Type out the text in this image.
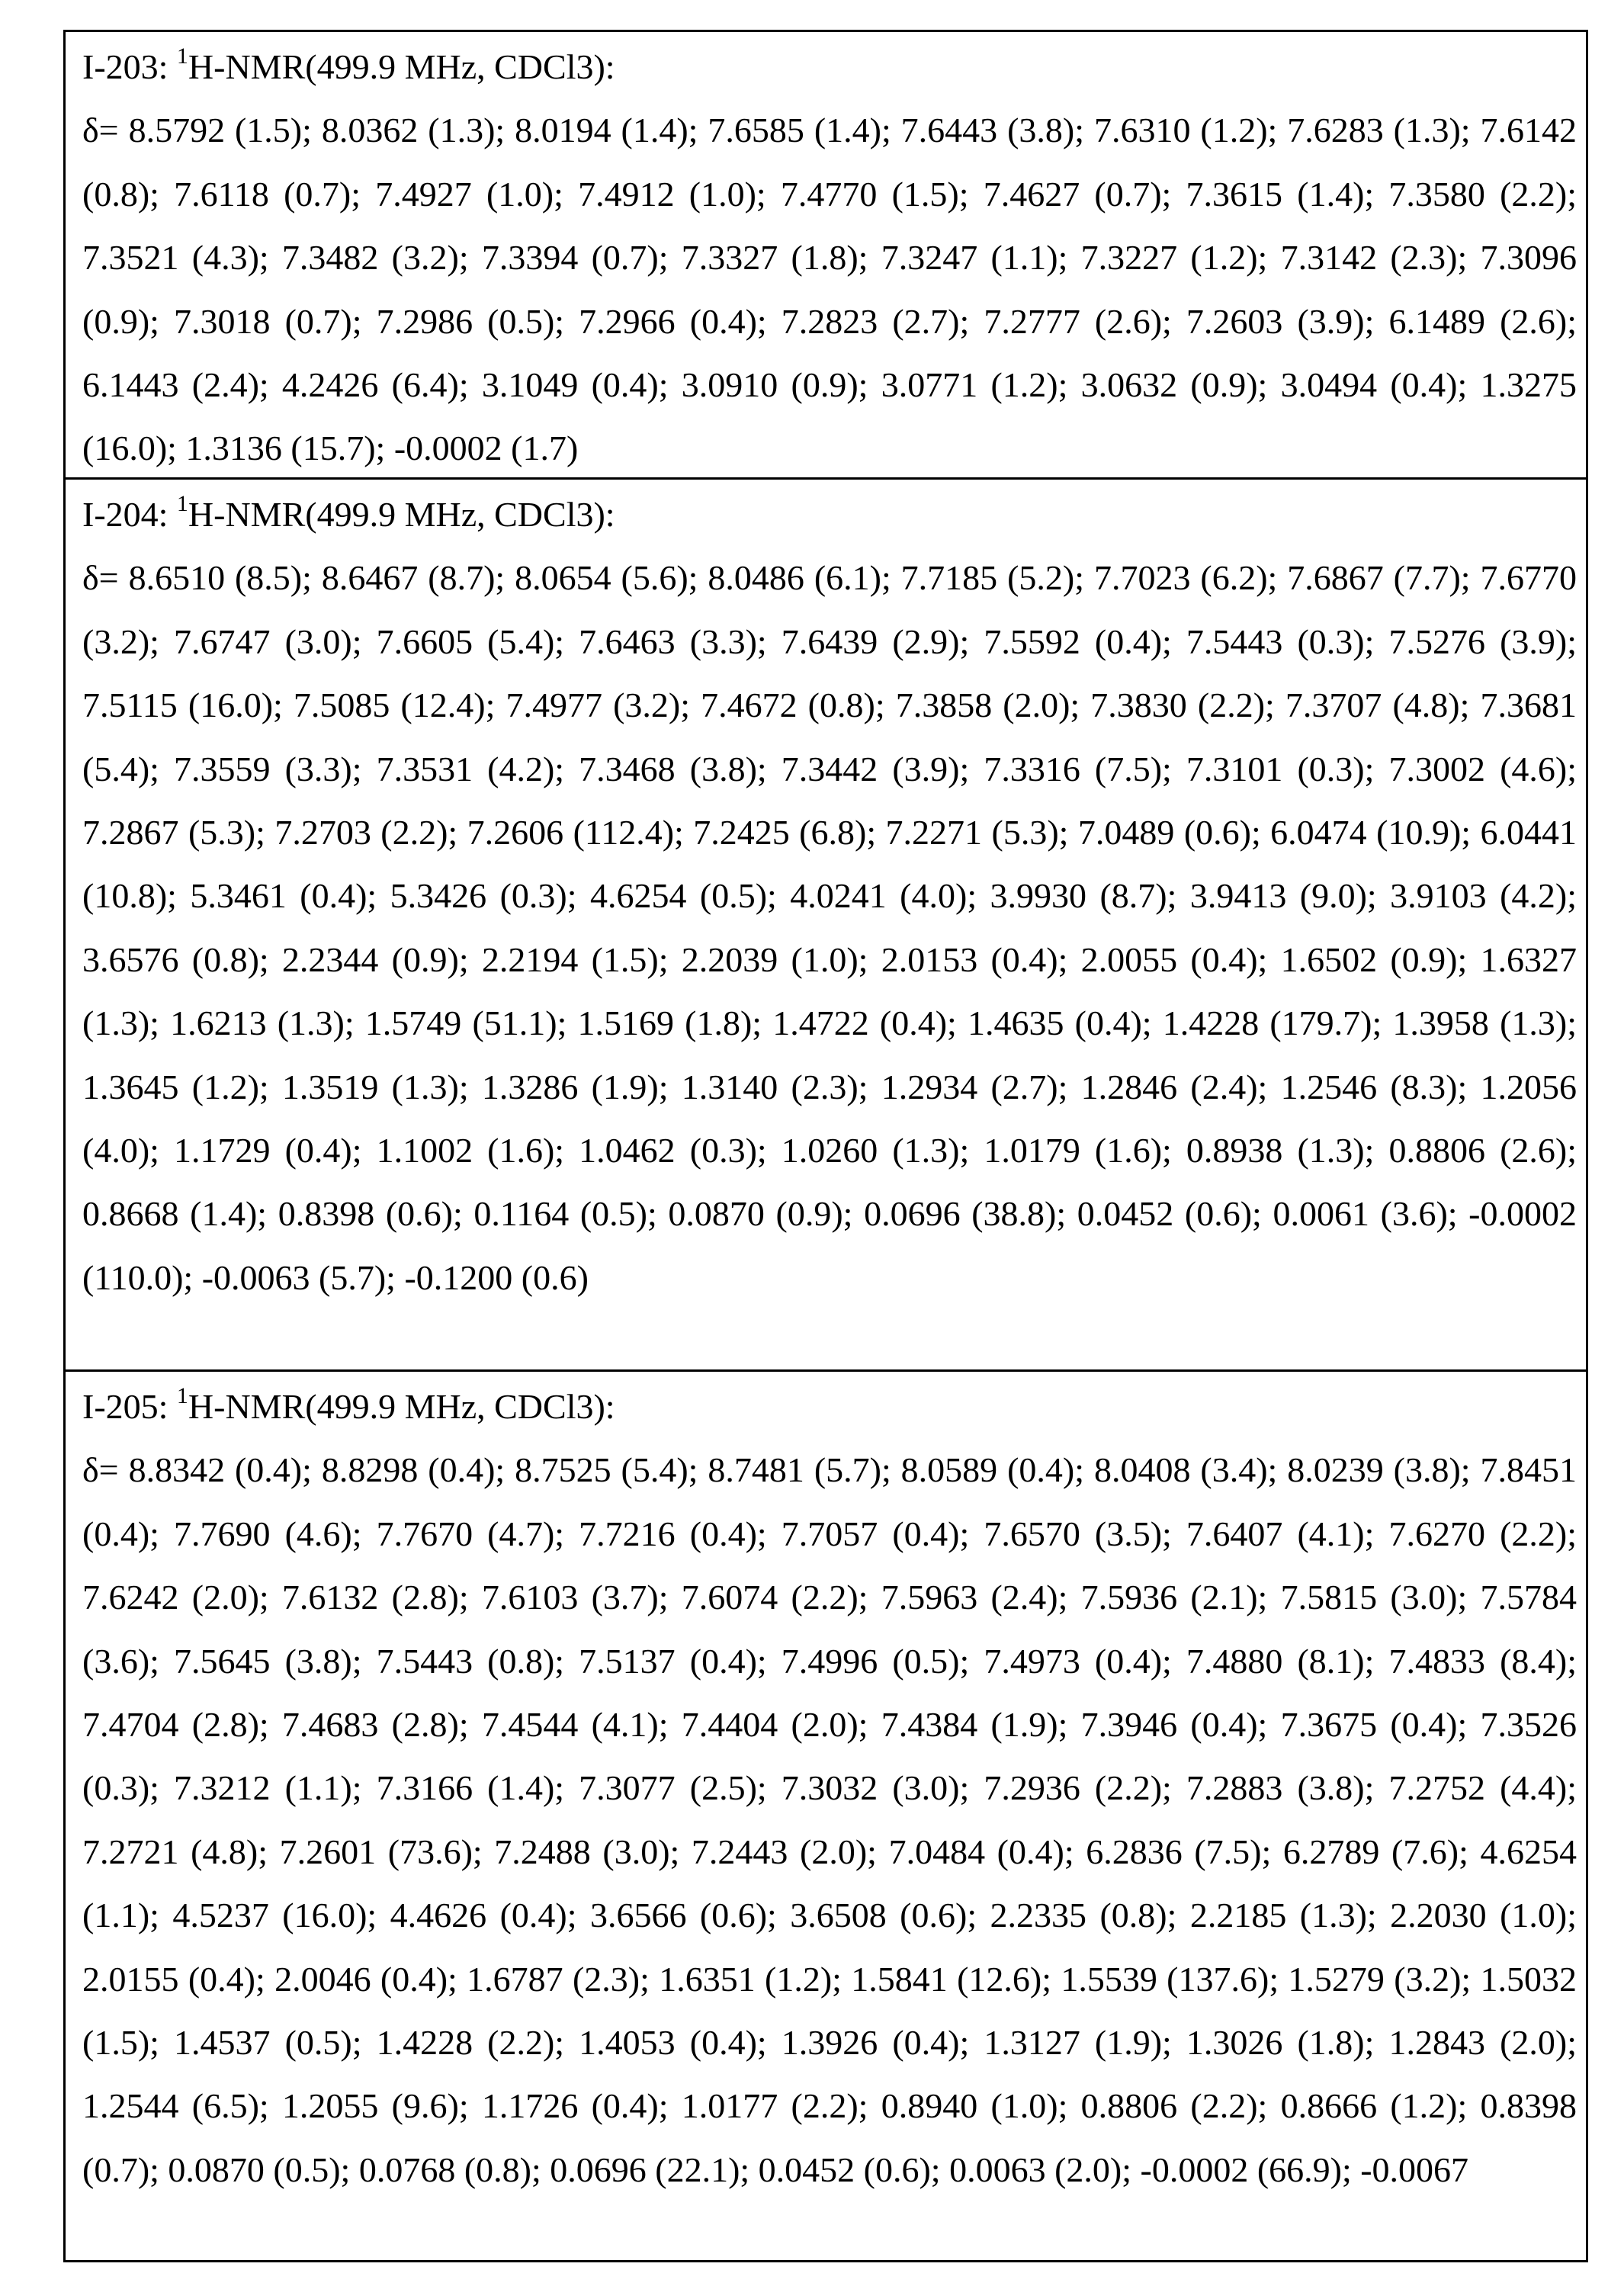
I-203: $^1$H-NMR(499.9 MHz, CDCl3):
δ= 8.5792 (1.5); 8.0362 (1.3); 8.0194 (1.4); 7.6585 (1.4); 7.6443 (3.8); 7.6310 (1.2); 7.6283 (1.3); 7.6142 (0.8); 7.6118 (0.7); 7.4927 (1.0); 7.4912 (1.0); 7.4770 (1.5); 7.4627 (0.7); 7.3615 (1.4); 7.3580 (2.2); 7.3521 (4.3); 7.3482 (3.2); 7.3394 (0.7); 7.3327 (1.8); 7.3247 (1.1); 7.3227 (1.2); 7.3142 (2.3); 7.3096 (0.9); 7.3018 (0.7); 7.2986 (0.5); 7.2966 (0.4); 7.2823 (2.7); 7.2777 (2.6); 7.2603 (3.9); 6.1489 (2.6); 6.1443 (2.4); 4.2426 (6.4); 3.1049 (0.4); 3.0910 (0.9); 3.0771 (1.2); 3.0632 (0.9); 3.0494 (0.4); 1.3275 (16.0); 1.3136 (15.7); -0.0002 (1.7)
I-204: $^1$H-NMR(499.9 MHz, CDCl3):
δ= 8.6510 (8.5); 8.6467 (8.7); 8.0654 (5.6); 8.0486 (6.1); 7.7185 (5.2); 7.7023 (6.2); 7.6867 (7.7); 7.6770 (3.2); 7.6747 (3.0); 7.6605 (5.4); 7.6463 (3.3); 7.6439 (2.9); 7.5592 (0.4); 7.5443 (0.3); 7.5276 (3.9); 7.5115 (16.0); 7.5085 (12.4); 7.4977 (3.2); 7.4672 (0.8); 7.3858 (2.0); 7.3830 (2.2); 7.3707 (4.8); 7.3681 (5.4); 7.3559 (3.3); 7.3531 (4.2); 7.3468 (3.8); 7.3442 (3.9); 7.3316 (7.5); 7.3101 (0.3); 7.3002 (4.6); 7.2867 (5.3); 7.2703 (2.2); 7.2606 (112.4); 7.2425 (6.8); 7.2271 (5.3); 7.0489 (0.6); 6.0474 (10.9); 6.0441 (10.8); 5.3461 (0.4); 5.3426 (0.3); 4.6254 (0.5); 4.0241 (4.0); 3.9930 (8.7); 3.9413 (9.0); 3.9103 (4.2); 3.6576 (0.8); 2.2344 (0.9); 2.2194 (1.5); 2.2039 (1.0); 2.0153 (0.4); 2.0055 (0.4); 1.6502 (0.9); 1.6327 (1.3); 1.6213 (1.3); 1.5749 (51.1); 1.5169 (1.8); 1.4722 (0.4); 1.4635 (0.4); 1.4228 (179.7); 1.3958 (1.3); 1.3645 (1.2); 1.3519 (1.3); 1.3286 (1.9); 1.3140 (2.3); 1.2934 (2.7); 1.2846 (2.4); 1.2546 (8.3); 1.2056 (4.0); 1.1729 (0.4); 1.1002 (1.6); 1.0462 (0.3); 1.0260 (1.3); 1.0179 (1.6); 0.8938 (1.3); 0.8806 (2.6); 0.8668 (1.4); 0.8398 (0.6); 0.1164 (0.5); 0.0870 (0.9); 0.0696 (38.8); 0.0452 (0.6); 0.0061 (3.6); -0.0002 (110.0); -0.0063 (5.7); -0.1200 (0.6)
I-205: $^1$H-NMR(499.9 MHz, CDCl3):
δ= 8.8342 (0.4); 8.8298 (0.4); 8.7525 (5.4); 8.7481 (5.7); 8.0589 (0.4); 8.0408 (3.4); 8.0239 (3.8); 7.8451 (0.4); 7.7690 (4.6); 7.7670 (4.7); 7.7216 (0.4); 7.7057 (0.4); 7.6570 (3.5); 7.6407 (4.1); 7.6270 (2.2); 7.6242 (2.0); 7.6132 (2.8); 7.6103 (3.7); 7.6074 (2.2); 7.5963 (2.4); 7.5936 (2.1); 7.5815 (3.0); 7.5784 (3.6); 7.5645 (3.8); 7.5443 (0.8); 7.5137 (0.4); 7.4996 (0.5); 7.4973 (0.4); 7.4880 (8.1); 7.4833 (8.4); 7.4704 (2.8); 7.4683 (2.8); 7.4544 (4.1); 7.4404 (2.0); 7.4384 (1.9); 7.3946 (0.4); 7.3675 (0.4); 7.3526 (0.3); 7.3212 (1.1); 7.3166 (1.4); 7.3077 (2.5); 7.3032 (3.0); 7.2936 (2.2); 7.2883 (3.8); 7.2752 (4.4); 7.2721 (4.8); 7.2601 (73.6); 7.2488 (3.0); 7.2443 (2.0); 7.0484 (0.4); 6.2836 (7.5); 6.2789 (7.6); 4.6254 (1.1); 4.5237 (16.0); 4.4626 (0.4); 3.6566 (0.6); 3.6508 (0.6); 2.2335 (0.8); 2.2185 (1.3); 2.2030 (1.0); 2.0155 (0.4); 2.0046 (0.4); 1.6787 (2.3); 1.6351 (1.2); 1.5841 (12.6); 1.5539 (137.6); 1.5279 (3.2); 1.5032 (1.5); 1.4537 (0.5); 1.4228 (2.2); 1.4053 (0.4); 1.3926 (0.4); 1.3127 (1.9); 1.3026 (1.8); 1.2843 (2.0); 1.2544 (6.5); 1.2055 (9.6); 1.1726 (0.4); 1.0177 (2.2); 0.8940 (1.0); 0.8806 (2.2); 0.8666 (1.2); 0.8398 (0.7); 0.0870 (0.5); 0.0768 (0.8); 0.0696 (22.1); 0.0452 (0.6); 0.0063 (2.0); -0.0002 (66.9); -0.0067
